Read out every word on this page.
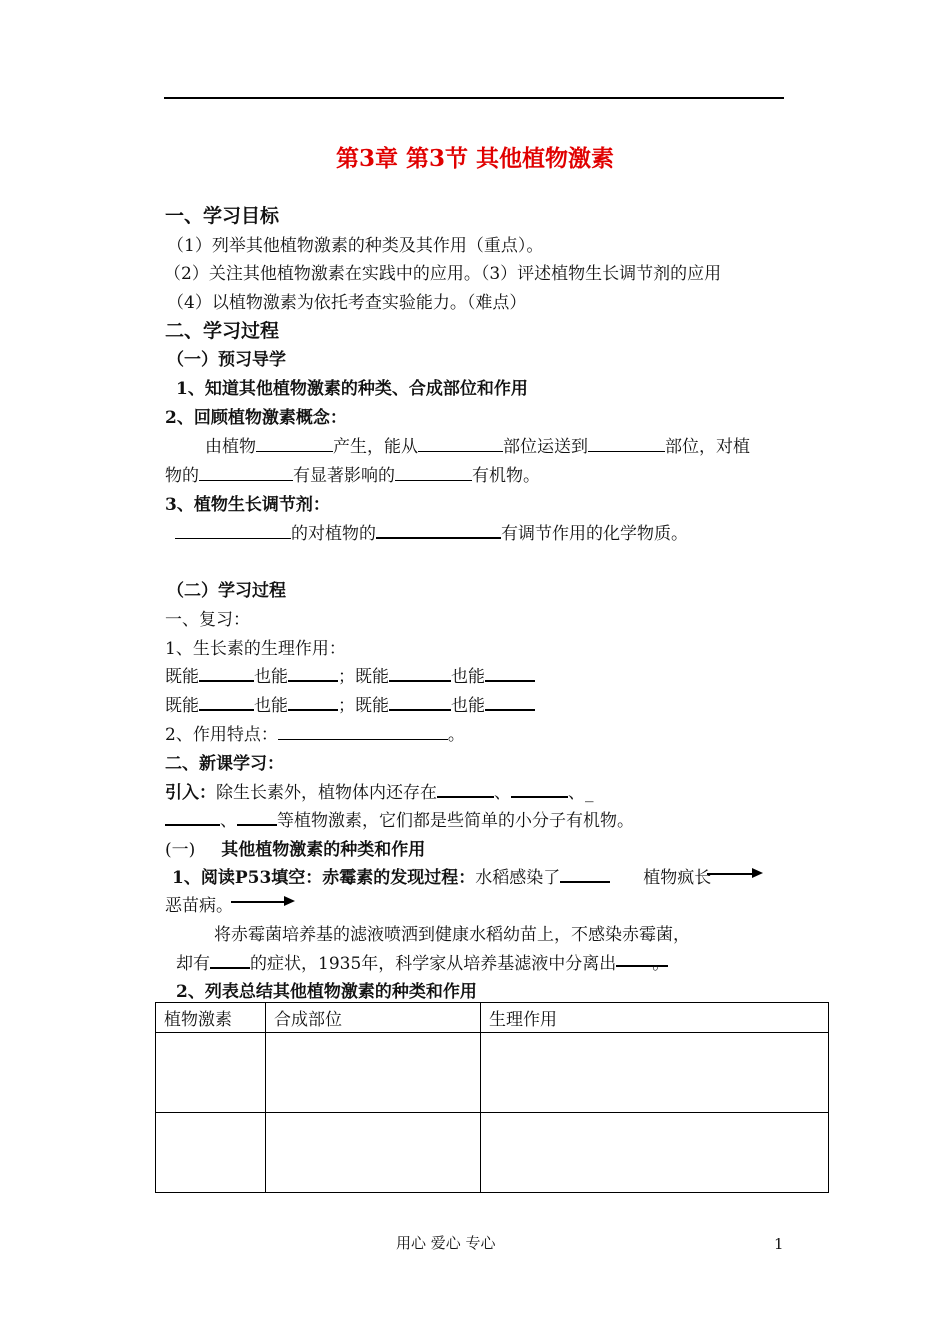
第3章 第3节 其他植物激素
一、学习目标
（1）列举其他植物激素的种类及其作用（重点）。
（2）关注其他植物激素在实践中的应用。（3）评述植物生长调节剂的应用
（4）以植物激素为依托考查实验能力。（难点）
二、学习过程
（一）预习导学
1、知道其他植物激素的种类、合成部位和作用
2、回顾植物激素概念：
由植物	产生，能从	部位运送到	部位，对植
物的	有显著影响的	有机物。
3、植物生长调节剂：
的对植物的	有调节作用的化学物质。
（二）学习过程
一、复习：
1、生长素的生理作用：
既能	也能	；既能	也能
既能	也能	；既能	也能
2、作用特点：	。
二、新课学习：
引入：除生长素外，植物体内还存在	、	、_
、 等植物激素，它们都是些简单的小分子有机物。
(一) 其他植物激素的种类和作用
1、阅读P53填空：赤霉素的发现过程：水稻感染了	植物疯长
恶苗病。
将赤霉菌培养基的滤液喷洒到健康水稻幼苗上，不感染赤霉菌，
却有 的症状，1935年，科学家从培养基滤液中分离出 。
2、列表总结其他植物激素的种类和作用
植物激素	合成部位	生理作用

用心 爱心 专心	1
